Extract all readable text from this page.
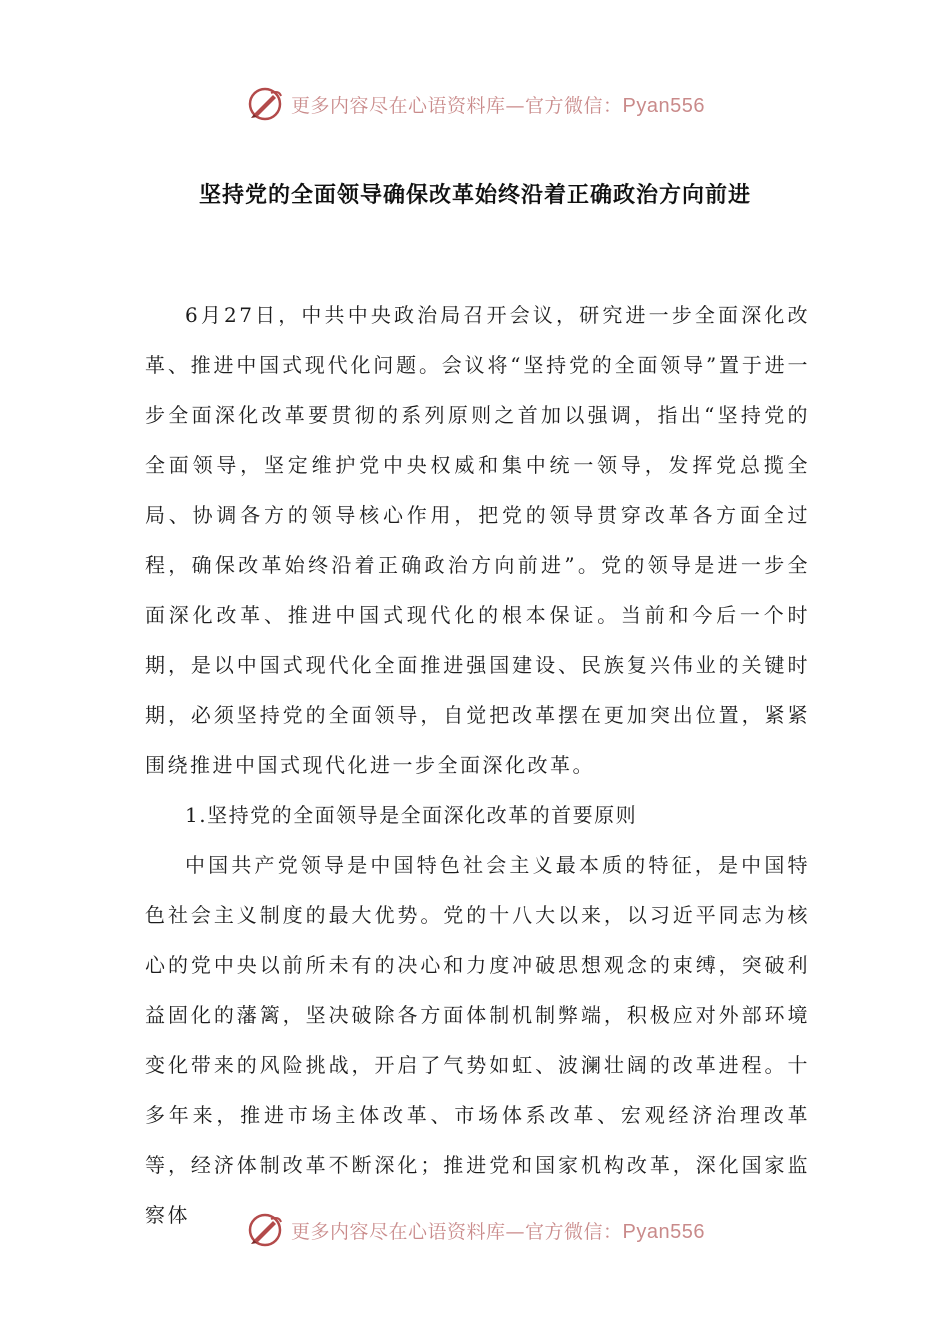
更多内容尽在心语资料库—官方微信：Pyan556
坚持党的全面领导确保改革始终沿着正确政治方向前进

6月27日，中共中央政治局召开会议，研究进一步全面深化改革、推进中国式现代化问题。会议将“坚持党的全面领导”置于进一步全面深化改革要贯彻的系列原则之首加以强调，指出“坚持党的全面领导，坚定维护党中央权威和集中统一领导，发挥党总揽全局、协调各方的领导核心作用，把党的领导贯穿改革各方面全过程，确保改革始终沿着正确政治方向前进”。党的领导是进一步全面深化改革、推进中国式现代化的根本保证。当前和今后一个时期，是以中国式现代化全面推进强国建设、民族复兴伟业的关键时期，必须坚持党的全面领导，自觉把改革摆在更加突出位置，紧紧围绕推进中国式现代化进一步全面深化改革。

1.坚持党的全面领导是全面深化改革的首要原则

中国共产党领导是中国特色社会主义最本质的特征，是中国特色社会主义制度的最大优势。党的十八大以来，以习近平同志为核心的党中央以前所未有的决心和力度冲破思想观念的束缚，突破利益固化的藩篱，坚决破除各方面体制机制弊端，积极应对外部环境变化带来的风险挑战，开启了气势如虹、波澜壮阔的改革进程。十多年来，推进市场主体改革、市场体系改革、宏观经济治理改革等，经济体制改革不断深化；推进党和国家机构改革，深化国家监察体

更多内容尽在心语资料库—官方微信：Pyan556
